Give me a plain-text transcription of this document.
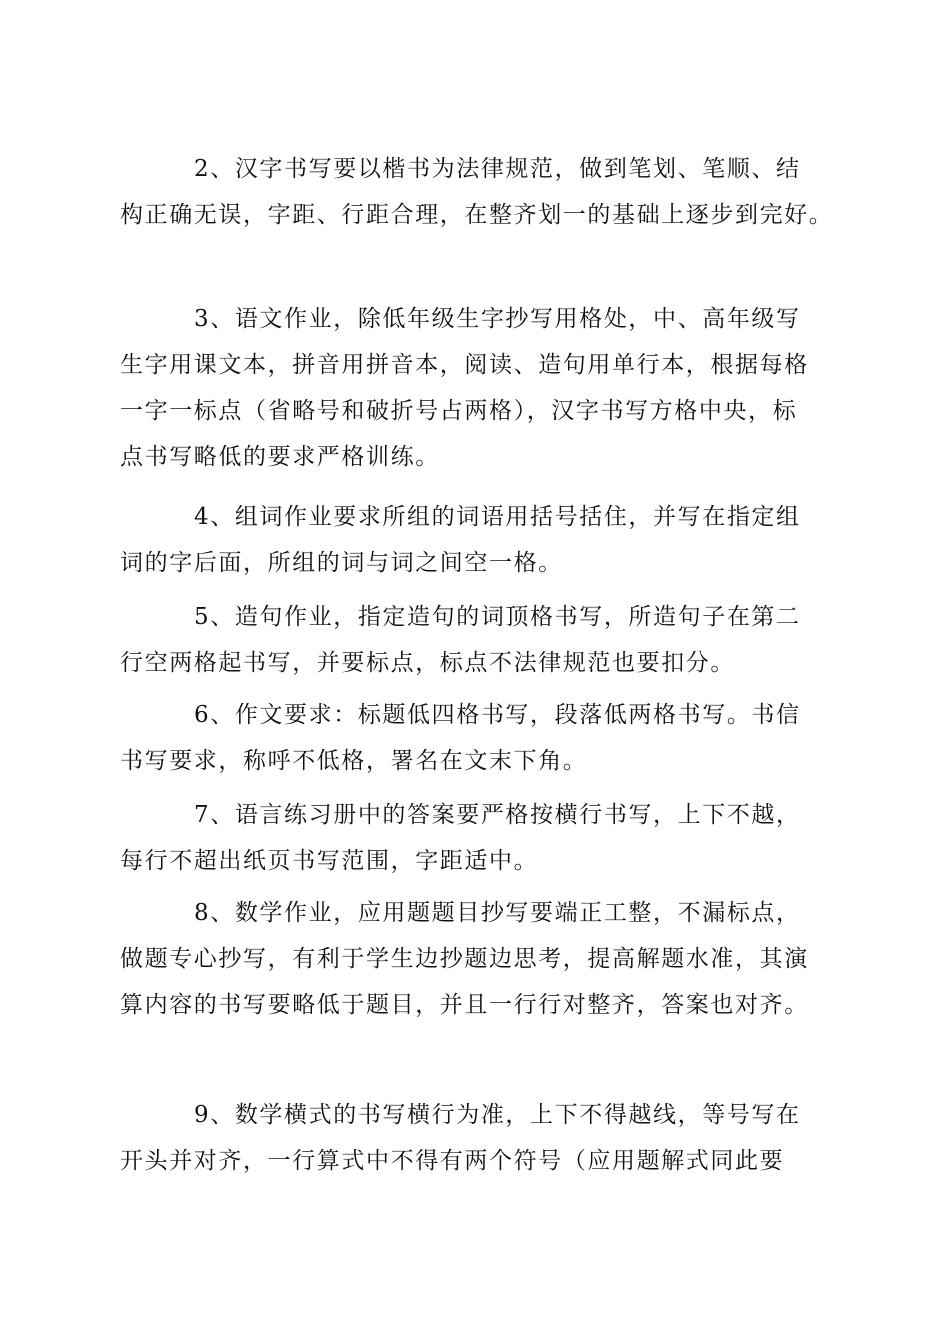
2、汉字书写要以楷书为法律规范，做到笔划、笔顺、结
构正确无误，字距、行距合理，在整齐划一的基础上逐步到完好。

3、语文作业，除低年级生字抄写用格处，中、高年级写
生字用课文本，拼音用拼音本，阅读、造句用单行本，根据每格
一字一标点（省略号和破折号占两格），汉字书写方格中央，标
点书写略低的要求严格训练。

4、组词作业要求所组的词语用括号括住，并写在指定组
词的字后面，所组的词与词之间空一格。

5、造句作业，指定造句的词顶格书写，所造句子在第二
行空两格起书写，并要标点，标点不法律规范也要扣分。

6、作文要求：标题低四格书写，段落低两格书写。书信
书写要求，称呼不低格，署名在文末下角。

7、语言练习册中的答案要严格按横行书写，上下不越，
每行不超出纸页书写范围，字距适中。

8、数学作业，应用题题目抄写要端正工整，不漏标点，
做题专心抄写，有利于学生边抄题边思考，提高解题水准，其演
算内容的书写要略低于题目，并且一行行对整齐，答案也对齐。

9、数学横式的书写横行为准，上下不得越线，等号写在
开头并对齐，一行算式中不得有两个符号（应用题解式同此要
